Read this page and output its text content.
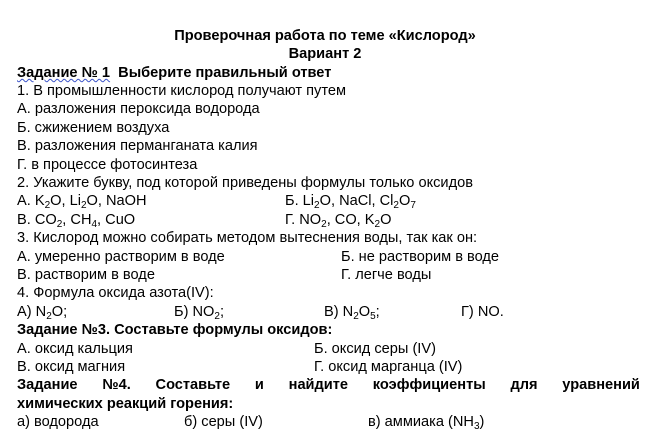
Проверочная работа по теме «Кислород»
Вариант 2
Задание № 1 Выберите правильный ответ
1. В промышленности кислород получают путем
А. разложения пероксида водорода
Б. сжижением воздуха
В. разложения перманганата калия
Г. в процессе фотосинтеза
2. Укажите букву, под которой приведены формулы только оксидов
А. $K_2O$, $Li_2O$, NaOH	Б. $Li_2O$, NaCl, $Cl_2O_7$
В. $CO_2$, $CH_4$, CuO	Г. $NO_2$, CO, $K_2O$
3. Кислород можно собирать методом вытеснения воды, так как он:
А. умеренно растворим в воде	Б. не растворим в воде
В. растворим в воде	Г. легче воды
4. Формула оксида азота(IV):
А) $N_2O$;	Б) $NO_2$;	В) $N_2O_5$;	Г) NO.
Задание №3. Составьте формулы оксидов:
А. оксид кальция	Б. оксид серы (IV)
В. оксид магния	Г. оксид марганца (IV)
Задание №4. Составьте и найдите коэффициенты для уравнений
химических реакций горения:
а) водорода	б) серы (IV)	в) аммиака $(NH_3)$
